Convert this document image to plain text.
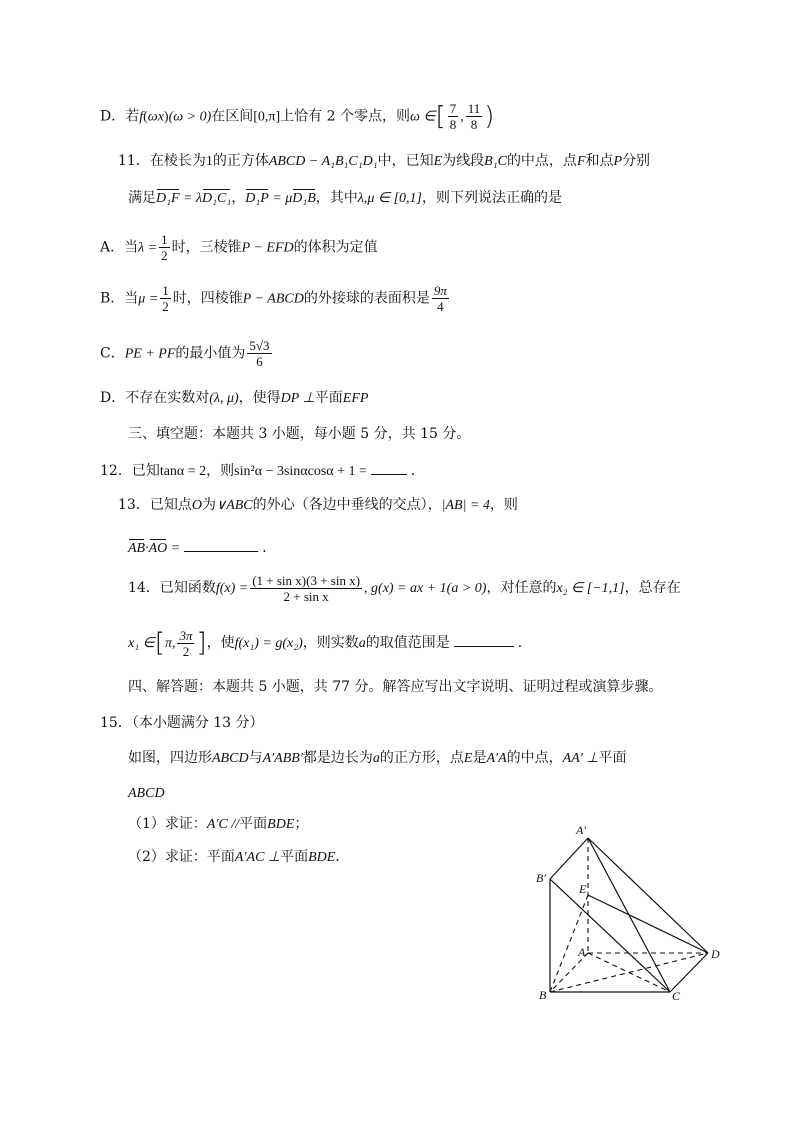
D．若f(ωx)(ω > 0)在区间[0,π]上恰有 2 个零点，则ω ∈[ $\frac{7}{8}$ , $\frac{11}{8}$ )
11．在棱长为1的正方体ABCD − A₁B₁C₁D₁中，已知E为线段B₁C的中点，点F和点P分别
满足D₁F = λD₁C₁，D₁P = μD₁B，其中λ,μ ∈ [0,1]，则下列说法正确的是
A．当$\lambda = \frac{1}{2}$ 时，三棱锥P − EFD的体积为定值
B．当$\mu = \frac{1}{2}$ 时，四棱锥P − ABCD的外接球的表面积是 $\frac{9\pi}{4}$
C．PE + PF的最小值为 $\frac{5√3}{6}$
D．不存在实数对(λ, μ)，使得DP ⊥平面EFP
三、填空题：本题共 3 小题，每小题 5 分，共 15 分。
12．已知tanα = 2，则sin²α − 3sinαcosα + 1 =	．
13．已知点O为∨ABC的外心（各边中垂线的交点），|AB| = 4，则
AB·AO =	．
14．已知函数$f(x) = \frac{\text{(1 + sin x)(3 + sin x)}}{\text{2 + sin x}}$ , g(x) = ax + 1(a > 0)，对任意的x₂ ∈ [−1,1]，总存在
x₁ ∈[π, $\frac{3\pi}{2}$ ]，使f(x₁) = g(x₂)，则实数a的取值范围是	．
四、解答题：本题共 5 小题，共 77 分。解答应写出文字说明、证明过程或演算步骤。
15．（本小题满分 13 分）
如图，四边形ABCD与A′ABB′都是边长为a的正方形，点E是A′A的中点，AA′ ⊥平面
ABCD
（1）求证：A′C //平面BDE；
（2）求证：平面A′AC ⊥平面BDE．
A′
B′
E
A
B	C
D
